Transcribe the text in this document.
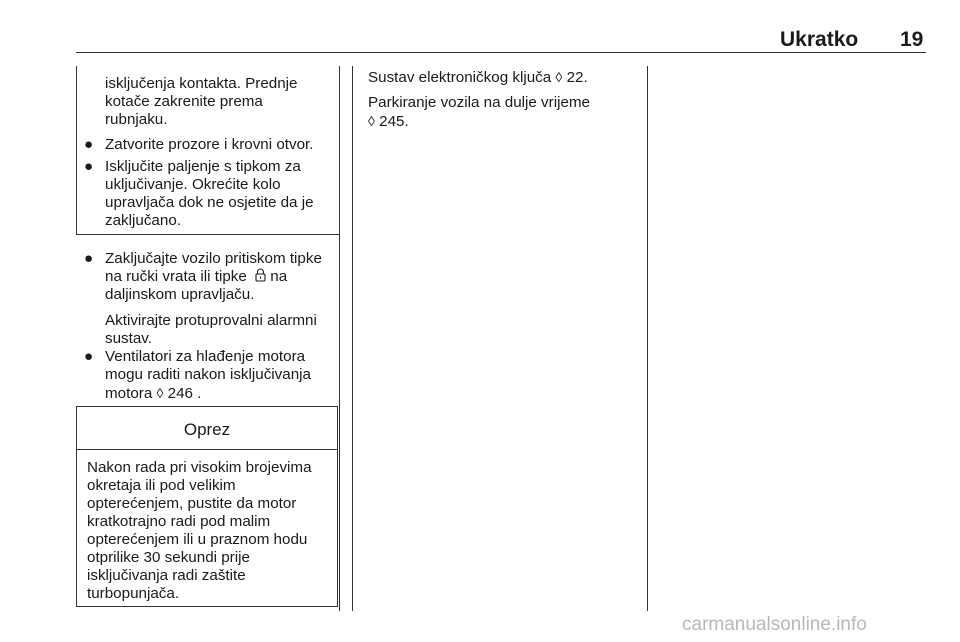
Ukratko 19
isključenja kontakta. Prednje
kotače zakrenite prema
rubnjaku.
● Zatvorite prozore i krovni otvor.
● Isključite paljenje s tipkom za
uključivanje. Okrećite kolo
upravljača dok ne osjetite da je
zaključano.
● Zaključajte vozilo pritiskom tipke
na ručki vrata ili tipke  na
daljinskom upravljaču.
Aktivirajte protuprovalni alarmni
sustav.
● Ventilatori za hlađenje motora
mogu raditi nakon isključivanja
motora ◊ 246 .
Oprez
Nakon rada pri visokim brojevima
okretaja ili pod velikim
opterećenjem, pustite da motor
kratkotrajno radi pod malim
opterećenjem ili u praznom hodu
otprilike 30 sekundi prije
isključivanja radi zaštite
turbopunjača.
Sustav elektroničkog ključa ◊ 22.
Parkiranje vozila na dulje vrijeme
◊ 245.
carmanualsonline.info
